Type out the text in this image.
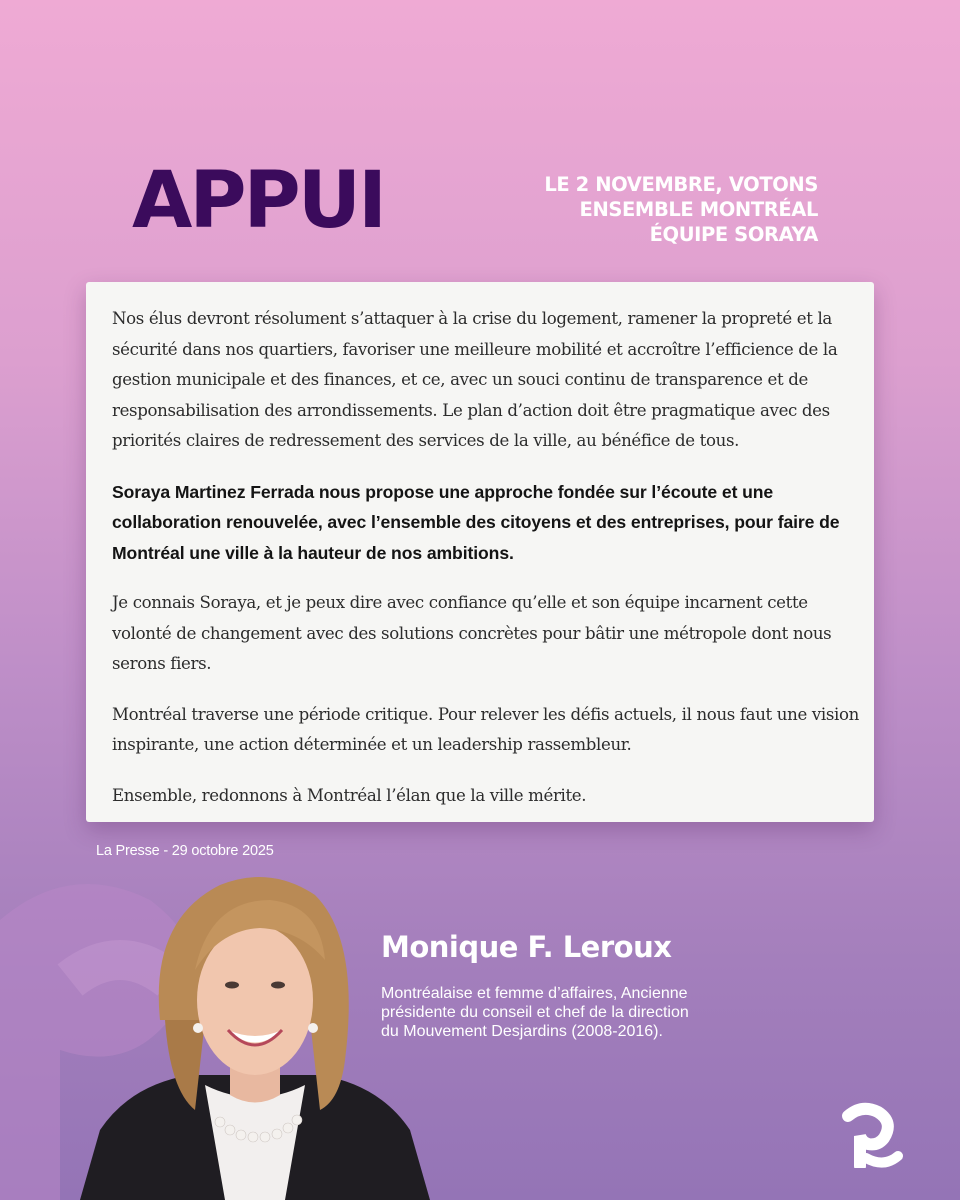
APPUI	LE 2 NOVEMBRE, VOTONS
ENSEMBLE MONTRÉAL
ÉQUIPE SORAYA

Nos élus devront résolument s’attaquer à la crise du logement, ramener la propreté et la sécurité dans nos quartiers, favoriser une meilleure mobilité et accroître l’efficience de la gestion municipale et des finances, et ce, avec un souci continu de transparence et de responsabilisation des arrondissements. Le plan d’action doit être pragmatique avec des priorités claires de redressement des services de la ville, au bénéfice de tous.

Soraya Martinez Ferrada nous propose une approche fondée sur l’écoute et une collaboration renouvelée, avec l’ensemble des citoyens et des entreprises, pour faire de Montréal une ville à la hauteur de nos ambitions.

Je connais Soraya, et je peux dire avec confiance qu’elle et son équipe incarnent cette volonté de changement avec des solutions concrètes pour bâtir une métropole dont nous serons fiers.

Montréal traverse une période critique. Pour relever les défis actuels, il nous faut une vision inspirante, une action déterminée et un leadership rassembleur.

Ensemble, redonnons à Montréal l’élan que la ville mérite.

La Presse - 29 octobre 2025
Monique F. Leroux
Montréalaise et femme d’affaires, Ancienne
présidente du conseil et chef de la direction
du Mouvement Desjardins (2008-2016).
